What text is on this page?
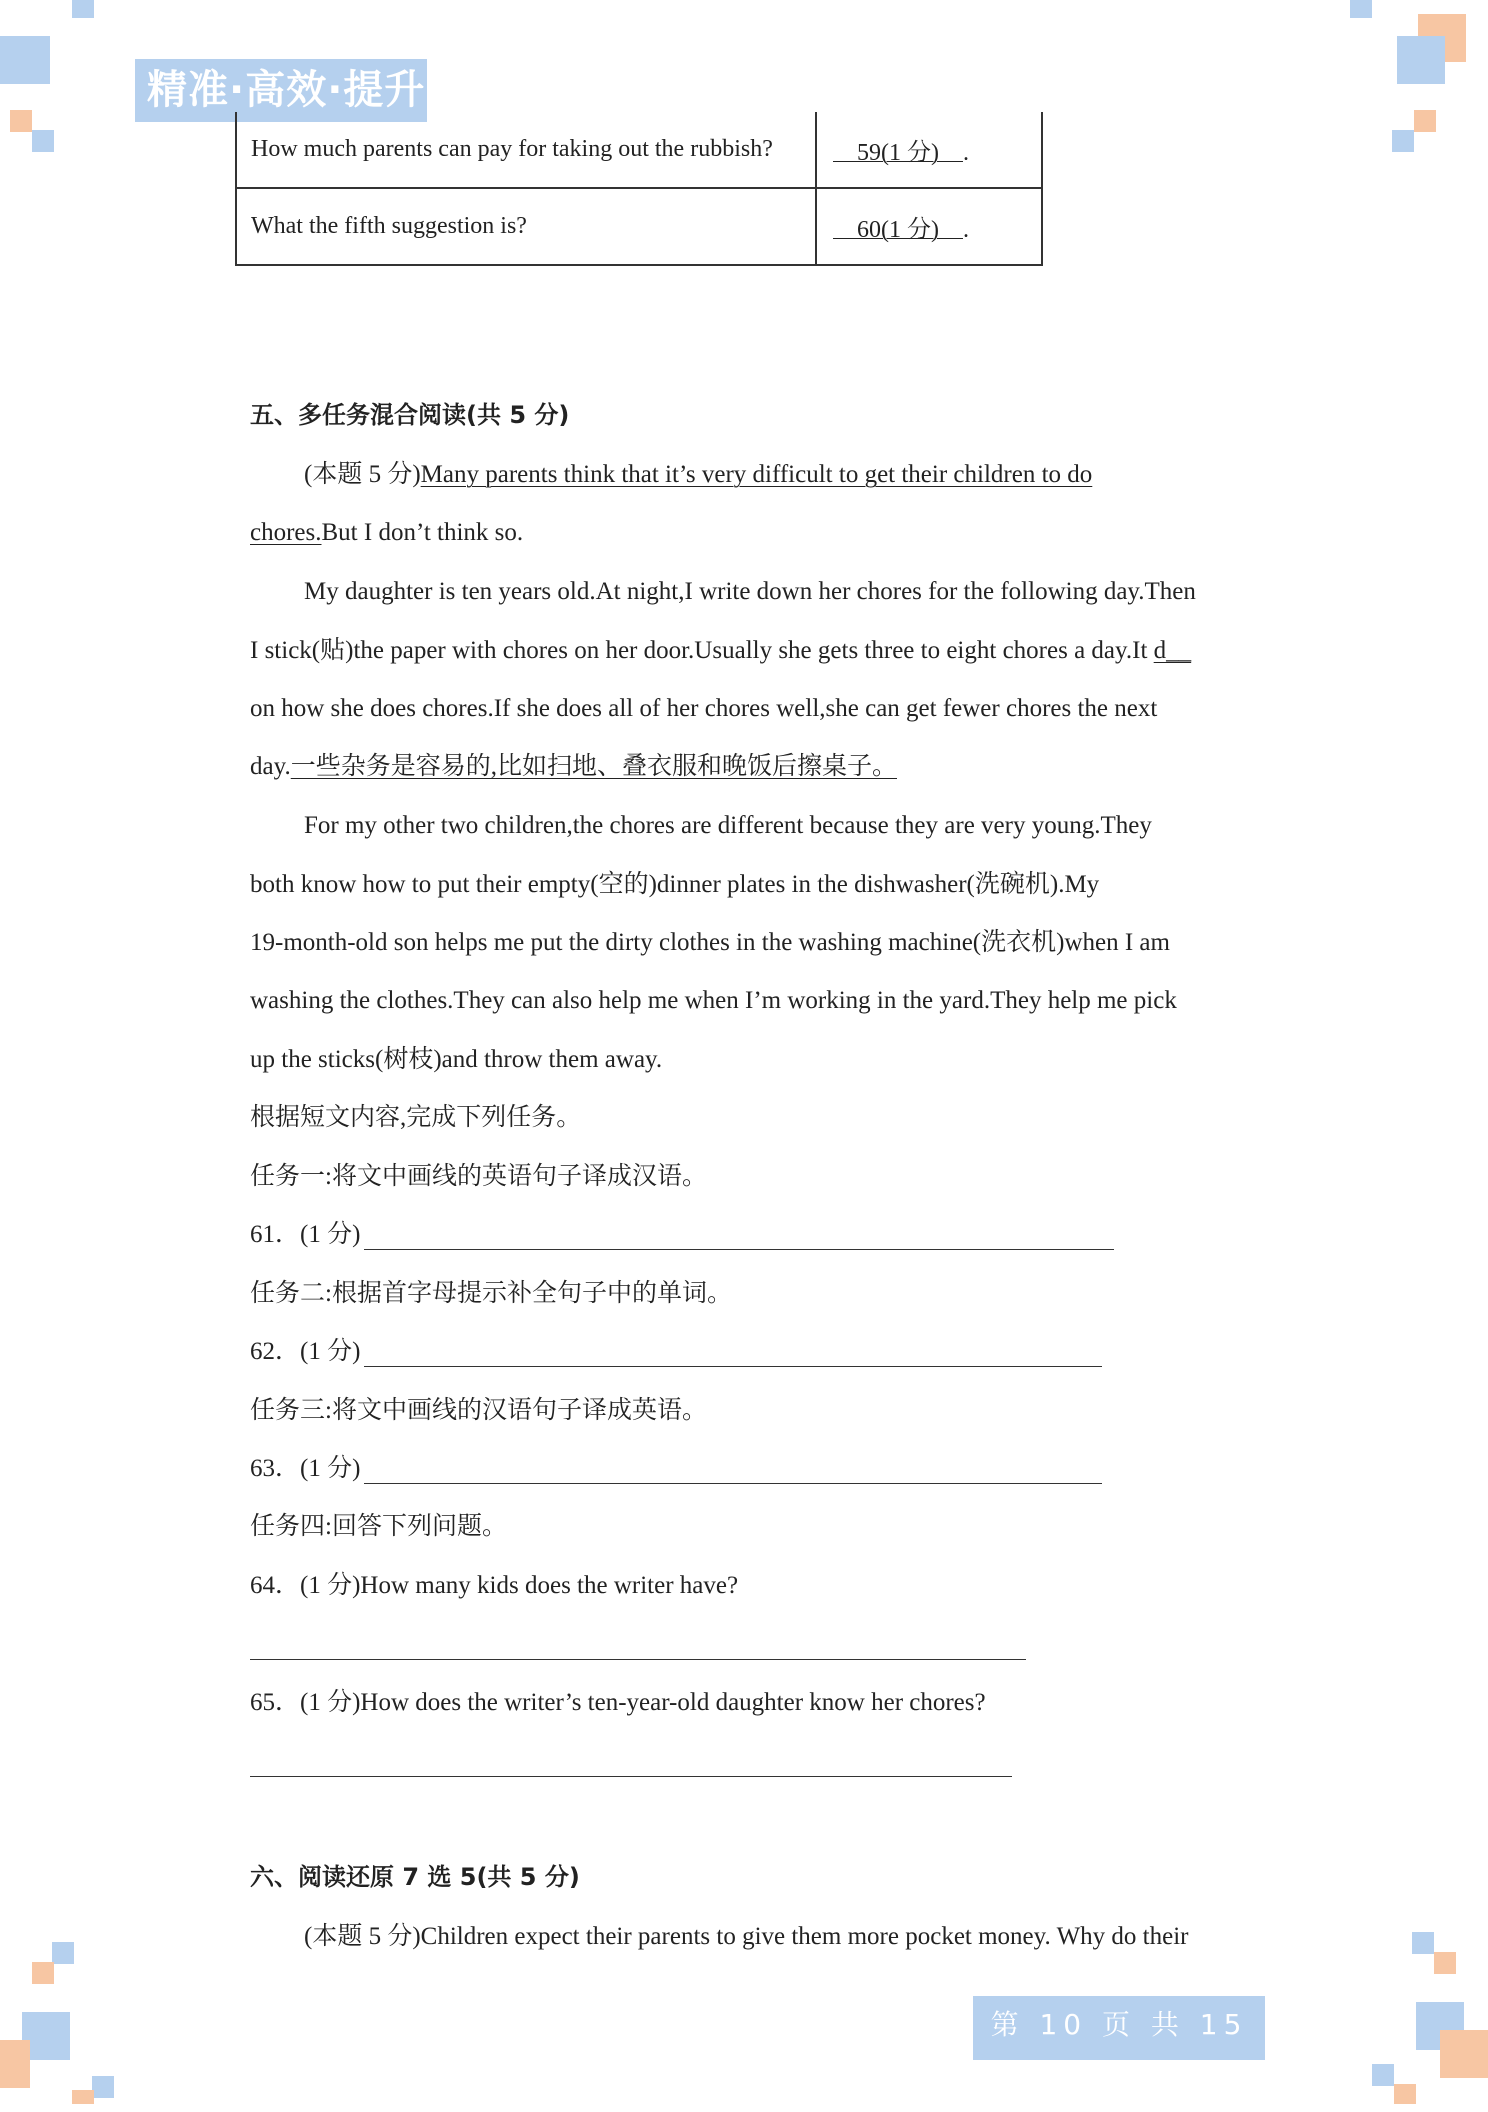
精准·高效·提升
How much parents can pay for taking out the rubbish?	59(1 分) .
What the fifth suggestion is?	60(1 分) .
五、多任务混合阅读(共 5 分)
(本题 5 分)Many parents think that it’s very difficult to get their children to do
chores.But I don’t think so.
My daughter is ten years old.At night,I write down her chores for the following day.Then
I stick(贴)the paper with chores on her door.Usually she gets three to eight chores a day.It d__
on how she does chores.If she does all of her chores well,she can get fewer chores the next
day.一些杂务是容易的,比如扫地、叠衣服和晚饭后擦桌子。
For my other two children,the chores are different because they are very young.They
both know how to put their empty(空的)dinner plates in the dishwasher(洗碗机).My
19-month-old son helps me put the dirty clothes in the washing machine(洗衣机)when I am
washing the clothes.They can also help me when I’m working in the yard.They help me pick
up the sticks(树枝)and throw them away.
根据短文内容,完成下列任务。
任务一:将文中画线的英语句子译成汉语。
61．(1 分)
任务二:根据首字母提示补全句子中的单词。
62．(1 分)
任务三:将文中画线的汉语句子译成英语。
63．(1 分)
任务四:回答下列问题。
64．(1 分)How many kids does the writer have?
65．(1 分)How does the writer’s ten-year-old daughter know her chores?
六、阅读还原 7 选 5(共 5 分)
(本题 5 分)Children expect their parents to give them more pocket money. Why do their
第 10 页 共 15 页
